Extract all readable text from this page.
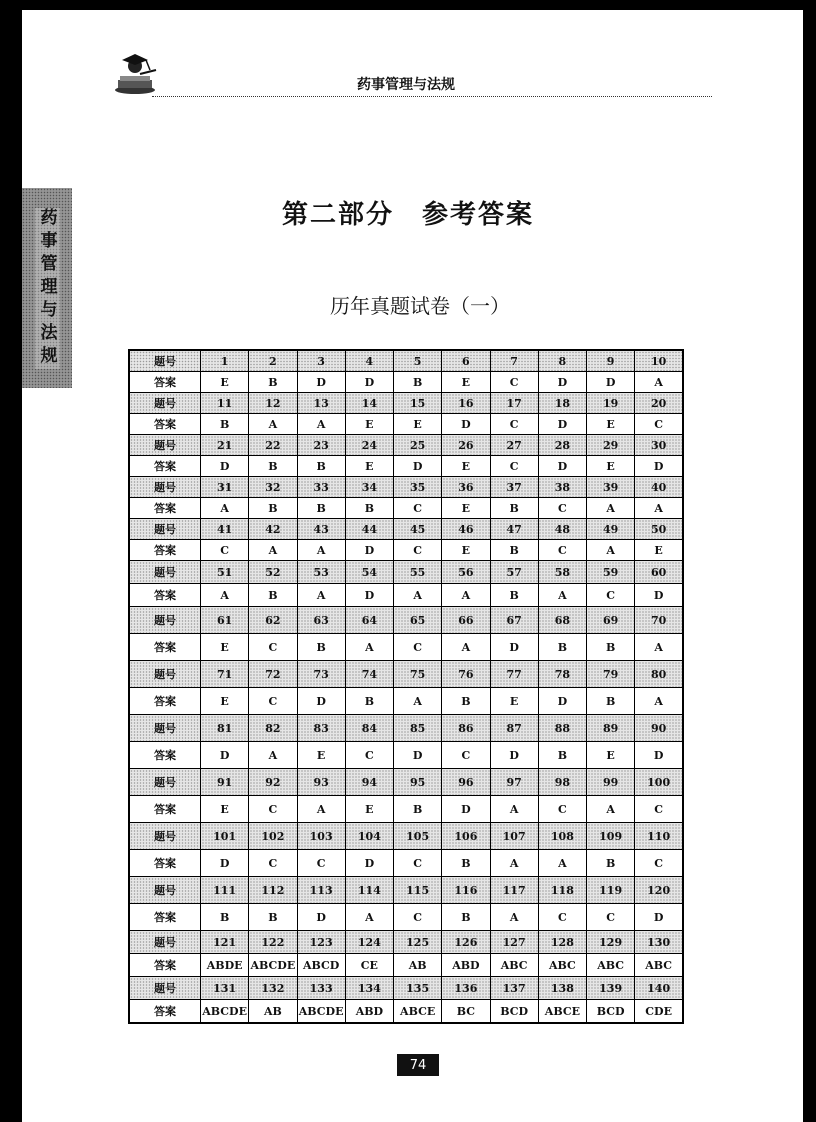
药事管理与法规
药事管理与法规	第二部分　参考答案
历年真题试卷（一）
题号	1	2	3	4	5	6	7	8	9	10
答案	E	B	D	D	B	E	C	D	D	A
题号	11	12	13	14	15	16	17	18	19	20
答案	B	A	A	E	E	D	C	D	E	C
题号	21	22	23	24	25	26	27	28	29	30
答案	D	B	B	E	D	E	C	D	E	D
题号	31	32	33	34	35	36	37	38	39	40
答案	A	B	B	B	C	E	B	C	A	A
题号	41	42	43	44	45	46	47	48	49	50
答案	C	A	A	D	C	E	B	C	A	E
题号	51	52	53	54	55	56	57	58	59	60
答案	A	B	A	D	A	A	B	A	C	D
题号	61	62	63	64	65	66	67	68	69	70
答案	E	C	B	A	C	A	D	B	B	A
题号	71	72	73	74	75	76	77	78	79	80
答案	E	C	D	B	A	B	E	D	B	A
题号	81	82	83	84	85	86	87	88	89	90
答案	D	A	E	C	D	C	D	B	E	D
题号	91	92	93	94	95	96	97	98	99	100
答案	E	C	A	E	B	D	A	C	A	C
题号	101	102	103	104	105	106	107	108	109	110
答案	D	C	C	D	C	B	A	A	B	C
题号	111	112	113	114	115	116	117	118	119	120
答案	B	B	D	A	C	B	A	C	C	D
题号	121	122	123	124	125	126	127	128	129	130
答案	ABDE	ABCDE	ABCD	CE	AB	ABD	ABC	ABC	ABC	ABC
题号	131	132	133	134	135	136	137	138	139	140
答案	ABCDE	AB	ABCDE	ABD	ABCE	BC	BCD	ABCE	BCD	CDE
74
